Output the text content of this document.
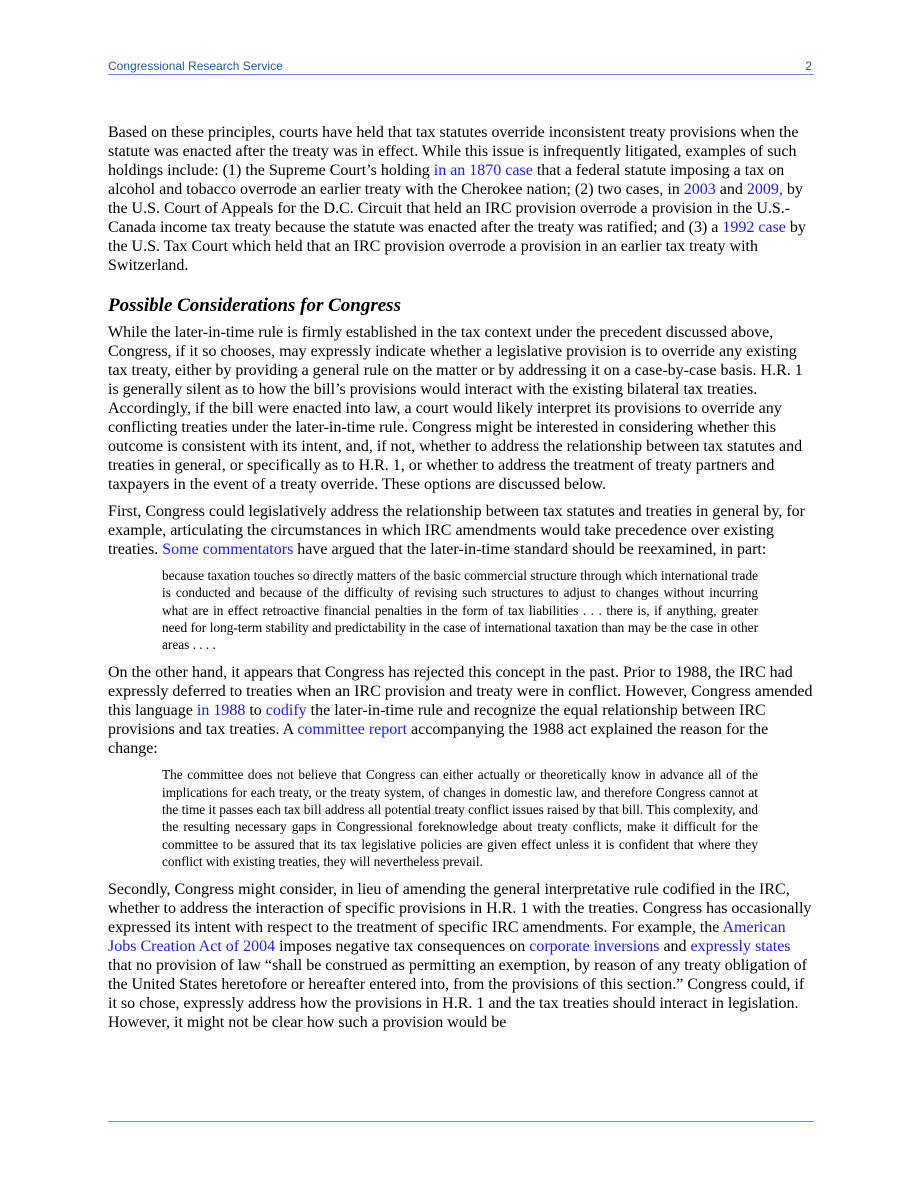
Congressional Research Service	2

Based on these principles, courts have held that tax statutes override inconsistent treaty provisions when the statute was enacted after the treaty was in effect. While this issue is infrequently litigated, examples of such holdings include: (1) the Supreme Court’s holding in an 1870 case that a federal statute imposing a tax on alcohol and tobacco overrode an earlier treaty with the Cherokee nation; (2) two cases, in 2003 and 2009, by the U.S. Court of Appeals for the D.C. Circuit that held an IRC provision overrode a provision in the U.S.-Canada income tax treaty because the statute was enacted after the treaty was ratified; and (3) a 1992 case by the U.S. Tax Court which held that an IRC provision overrode a provision in an earlier tax treaty with Switzerland.

Possible Considerations for Congress

While the later-in-time rule is firmly established in the tax context under the precedent discussed above, Congress, if it so chooses, may expressly indicate whether a legislative provision is to override any existing tax treaty, either by providing a general rule on the matter or by addressing it on a case-by-case basis. H.R. 1 is generally silent as to how the bill’s provisions would interact with the existing bilateral tax treaties. Accordingly, if the bill were enacted into law, a court would likely interpret its provisions to override any conflicting treaties under the later-in-time rule. Congress might be interested in considering whether this outcome is consistent with its intent, and, if not, whether to address the relationship between tax statutes and treaties in general, or specifically as to H.R. 1, or whether to address the treatment of treaty partners and taxpayers in the event of a treaty override. These options are discussed below.

First, Congress could legislatively address the relationship between tax statutes and treaties in general by, for example, articulating the circumstances in which IRC amendments would take precedence over existing treaties. Some commentators have argued that the later-in-time standard should be reexamined, in part:

because taxation touches so directly matters of the basic commercial structure through which international trade is conducted and because of the difficulty of revising such structures to adjust to changes without incurring what are in effect retroactive financial penalties in the form of tax liabilities . . . there is, if anything, greater need for long-term stability and predictability in the case of international taxation than may be the case in other areas . . . .

On the other hand, it appears that Congress has rejected this concept in the past. Prior to 1988, the IRC had expressly deferred to treaties when an IRC provision and treaty were in conflict. However, Congress amended this language in 1988 to codify the later-in-time rule and recognize the equal relationship between IRC provisions and tax treaties. A committee report accompanying the 1988 act explained the reason for the change:

The committee does not believe that Congress can either actually or theoretically know in advance all of the implications for each treaty, or the treaty system, of changes in domestic law, and therefore Congress cannot at the time it passes each tax bill address all potential treaty conflict issues raised by that bill. This complexity, and the resulting necessary gaps in Congressional foreknowledge about treaty conflicts, make it difficult for the committee to be assured that its tax legislative policies are given effect unless it is confident that where they conflict with existing treaties, they will nevertheless prevail.

Secondly, Congress might consider, in lieu of amending the general interpretative rule codified in the IRC, whether to address the interaction of specific provisions in H.R. 1 with the treaties. Congress has occasionally expressed its intent with respect to the treatment of specific IRC amendments. For example, the American Jobs Creation Act of 2004 imposes negative tax consequences on corporate inversions and expressly states that no provision of law “shall be construed as permitting an exemption, by reason of any treaty obligation of the United States heretofore or hereafter entered into, from the provisions of this section.” Congress could, if it so chose, expressly address how the provisions in H.R. 1 and the tax treaties should interact in legislation. However, it might not be clear how such a provision would be
